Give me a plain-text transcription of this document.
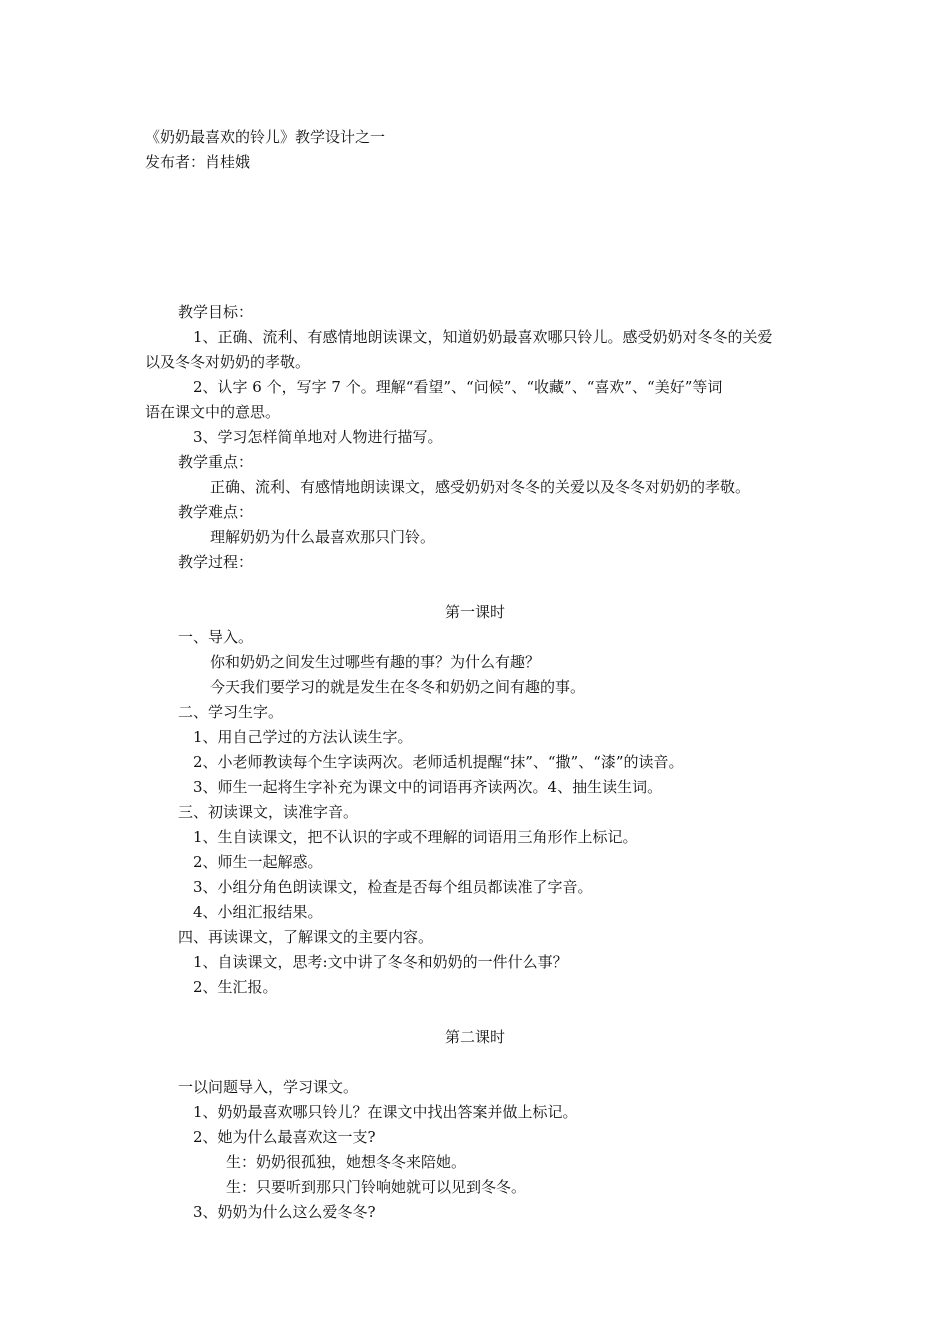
《奶奶最喜欢的铃儿》教学设计之一
发布者：肖桂娥
教学目标：
1、正确、流利、有感情地朗读课文，知道奶奶最喜欢哪只铃儿。感受奶奶对冬冬的关爱
以及冬冬对奶奶的孝敬。
2、认字 6 个，写字 7 个。理解“看望”、“问候”、“收藏”、“喜欢”、“美好”等词
语在课文中的意思。
3、学习怎样简单地对人物进行描写。
教学重点：
正确、流利、有感情地朗读课文，感受奶奶对冬冬的关爱以及冬冬对奶奶的孝敬。
教学难点：
理解奶奶为什么最喜欢那只门铃。
教学过程：
第一课时
一、导入。
你和奶奶之间发生过哪些有趣的事？为什么有趣？
今天我们要学习的就是发生在冬冬和奶奶之间有趣的事。
二、学习生字。
1、用自己学过的方法认读生字。
2、小老师教读每个生字读两次。老师适机提醒“抹”、“撒”、“漆”的读音。
3、师生一起将生字补充为课文中的词语再齐读两次。4、抽生读生词。
三、初读课文，读准字音。
1、生自读课文，把不认识的字或不理解的词语用三角形作上标记。
2、师生一起解惑。
3、小组分角色朗读课文，检查是否每个组员都读准了字音。
4、小组汇报结果。
四、再读课文，了解课文的主要内容。
1、自读课文，思考:文中讲了冬冬和奶奶的一件什么事？
2、生汇报。
第二课时
一以问题导入，学习课文。
1、奶奶最喜欢哪只铃儿？在课文中找出答案并做上标记。
2、她为什么最喜欢这一支?
生：奶奶很孤独，她想冬冬来陪她。
生：只要听到那只门铃响她就可以见到冬冬。
3、奶奶为什么这么爱冬冬?
